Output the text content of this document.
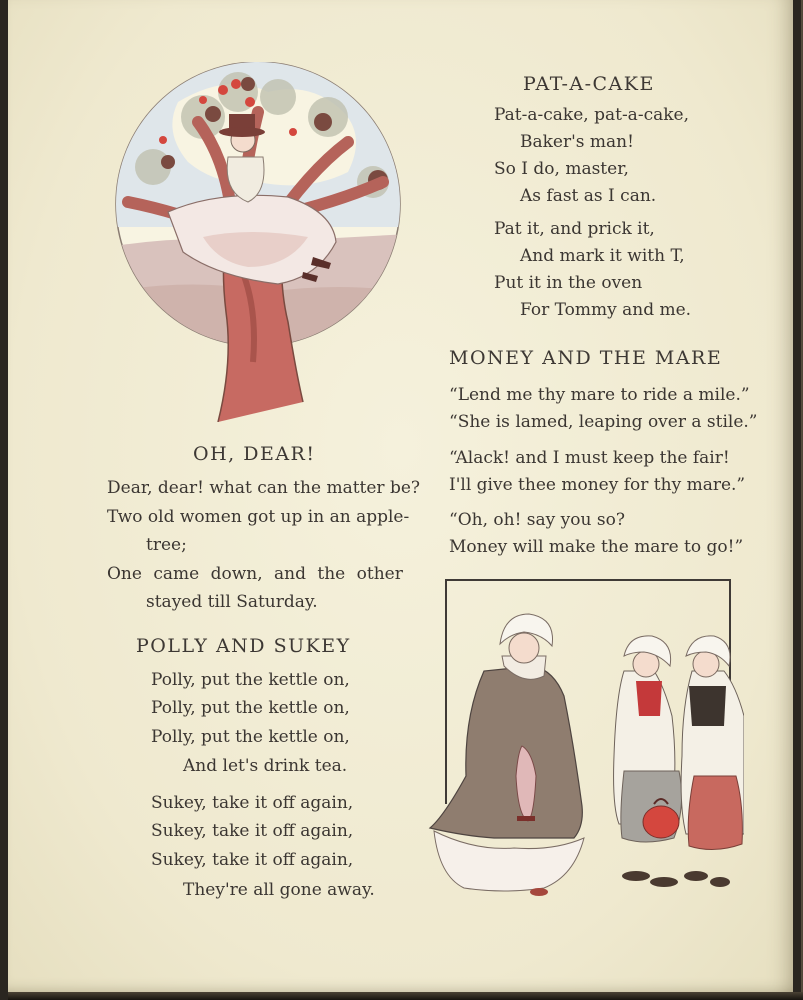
PAT-A-CAKE
Pat-a-cake, pat-a-cake,
Baker's man!
So I do, master,
As fast as I can.
Pat it, and prick it,
And mark it with T,
Put it in the oven
For Tommy and me.
MONEY AND THE MARE
“Lend me thy mare to ride a mile.”
“She is lamed, leaping over a stile.”
“Alack! and I must keep the fair!
I'll give thee money for thy mare.”
“Oh, oh! say you so?
Money will make the mare to go!”
OH, DEAR!
Dear, dear! what can the matter be?
Two old women got up in an apple-
tree;
One came down, and the other
stayed till Saturday.
POLLY AND SUKEY
Polly, put the kettle on,
Polly, put the kettle on,
Polly, put the kettle on,
And let's drink tea.
Sukey, take it off again,
Sukey, take it off again,
Sukey, take it off again,
They're all gone away.
